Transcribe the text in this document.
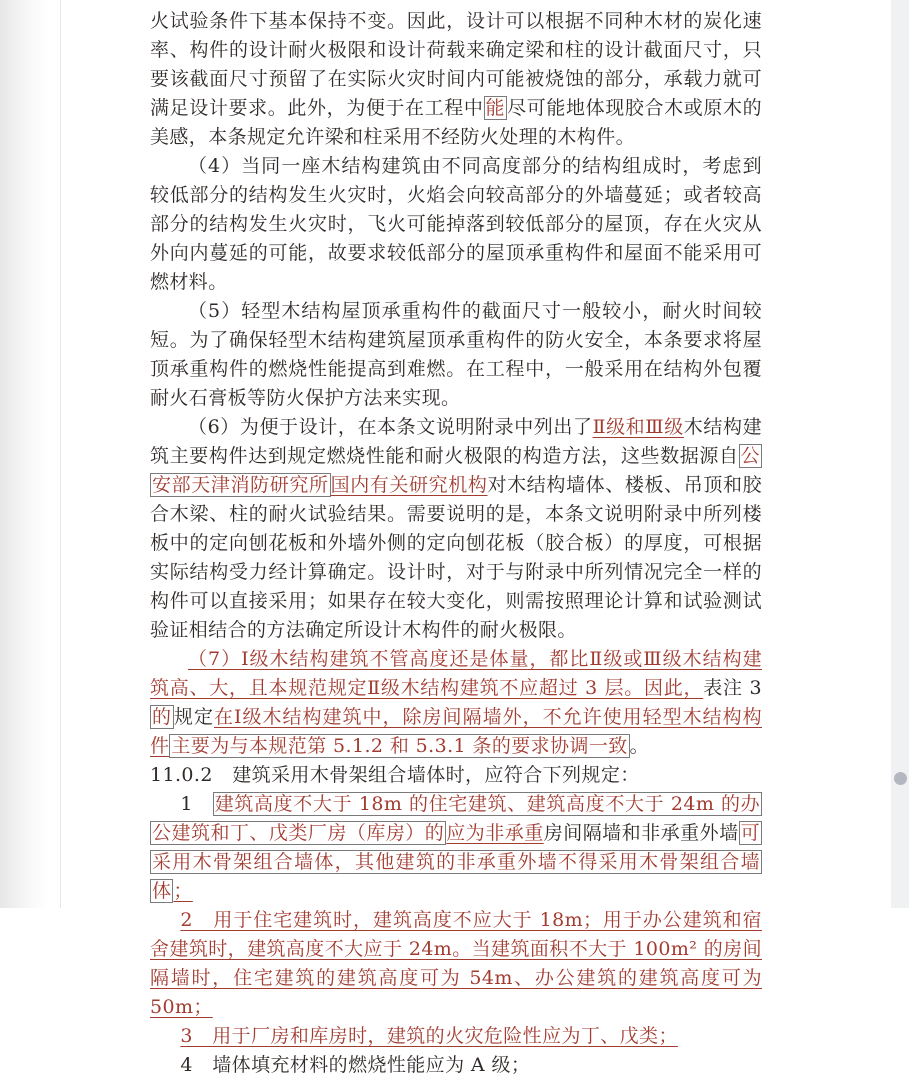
火试验条件下基本保持不变。因此，设计可以根据不同种木材的炭化速率、构件的设计耐火极限和设计荷载来确定梁和柱的设计截面尺寸，只要该截面尺寸预留了在实际火灾时间内可能被烧蚀的部分，承载力就可满足设计要求。此外，为便于在工程中 能 尽可能地体现胶合木或原木的美感，本条规定允许梁和柱采用不经防火处理的木构件。

（4）当同一座木结构建筑由不同高度部分的结构组成时，考虑到较低部分的结构发生火灾时，火焰会向较高部分的外墙蔓延；或者较高部分的结构发生火灾时，飞火可能掉落到较低部分的屋顶，存在火灾从外向内蔓延的可能，故要求较低部分的屋顶承重构件和屋面不能采用可燃材料。

（5）轻型木结构屋顶承重构件的截面尺寸一般较小，耐火时间较短。为了确保轻型木结构建筑屋顶承重构件的防火安全，本条要求将屋顶承重构件的燃烧性能提高到难燃。在工程中，一般采用在结构外包覆耐火石膏板等防火保护方法来实现。

（6）为便于设计，在本条文说明附录中列出了Ⅱ级和Ⅲ级木结构建筑主要构件达到规定燃烧性能和耐火极限的构造方法，这些数据源自 公安部天津消防研究所 国内有关研究机构对木结构墙体、楼板、吊顶和胶合木梁、柱的耐火试验结果。需要说明的是，本条文说明附录中所列楼板中的定向刨花板和外墙外侧的定向刨花板（胶合板）的厚度，可根据实际结构受力经计算确定。设计时，对于与附录中所列情况完全一样的构件可以直接采用；如果存在较大变化，则需按照理论计算和试验测试验证相结合的方法确定所设计木构件的耐火极限。

（7）Ⅰ级木结构建筑不管高度还是体量，都比Ⅱ级或Ⅲ级木结构建筑高、大，且本规范规定Ⅱ级木结构建筑不应超过 3 层。因此，表注 3 的 规定在Ⅰ级木结构建筑中，除房间隔墙外，不允许使用轻型木结构构件 主要为与本规范第 5.1.2 和 5.3.1 条的要求协调一致 。

11.0.2　建筑采用木骨架组合墙体时，应符合下列规定：

1　建筑高度不大于 18m 的住宅建筑、建筑高度不大于 24m 的办公建筑和丁、戊类厂房（库房）的 应为非承重房间隔墙和非承重外墙 可采用木骨架组合墙体，其他建筑的非承重外墙不得采用木骨架组合墙体 ；

2　用于住宅建筑时，建筑高度不应大于 18m；用于办公建筑和宿舍建筑时，建筑高度不大应于 24m。当建筑面积不大于 100m² 的房间隔墙时，住宅建筑的建筑高度可为 54m、办公建筑的建筑高度可为 50m；

3　用于厂房和库房时，建筑的火灾危险性应为丁、戊类；

4　墙体填充材料的燃烧性能应为 A 级；
